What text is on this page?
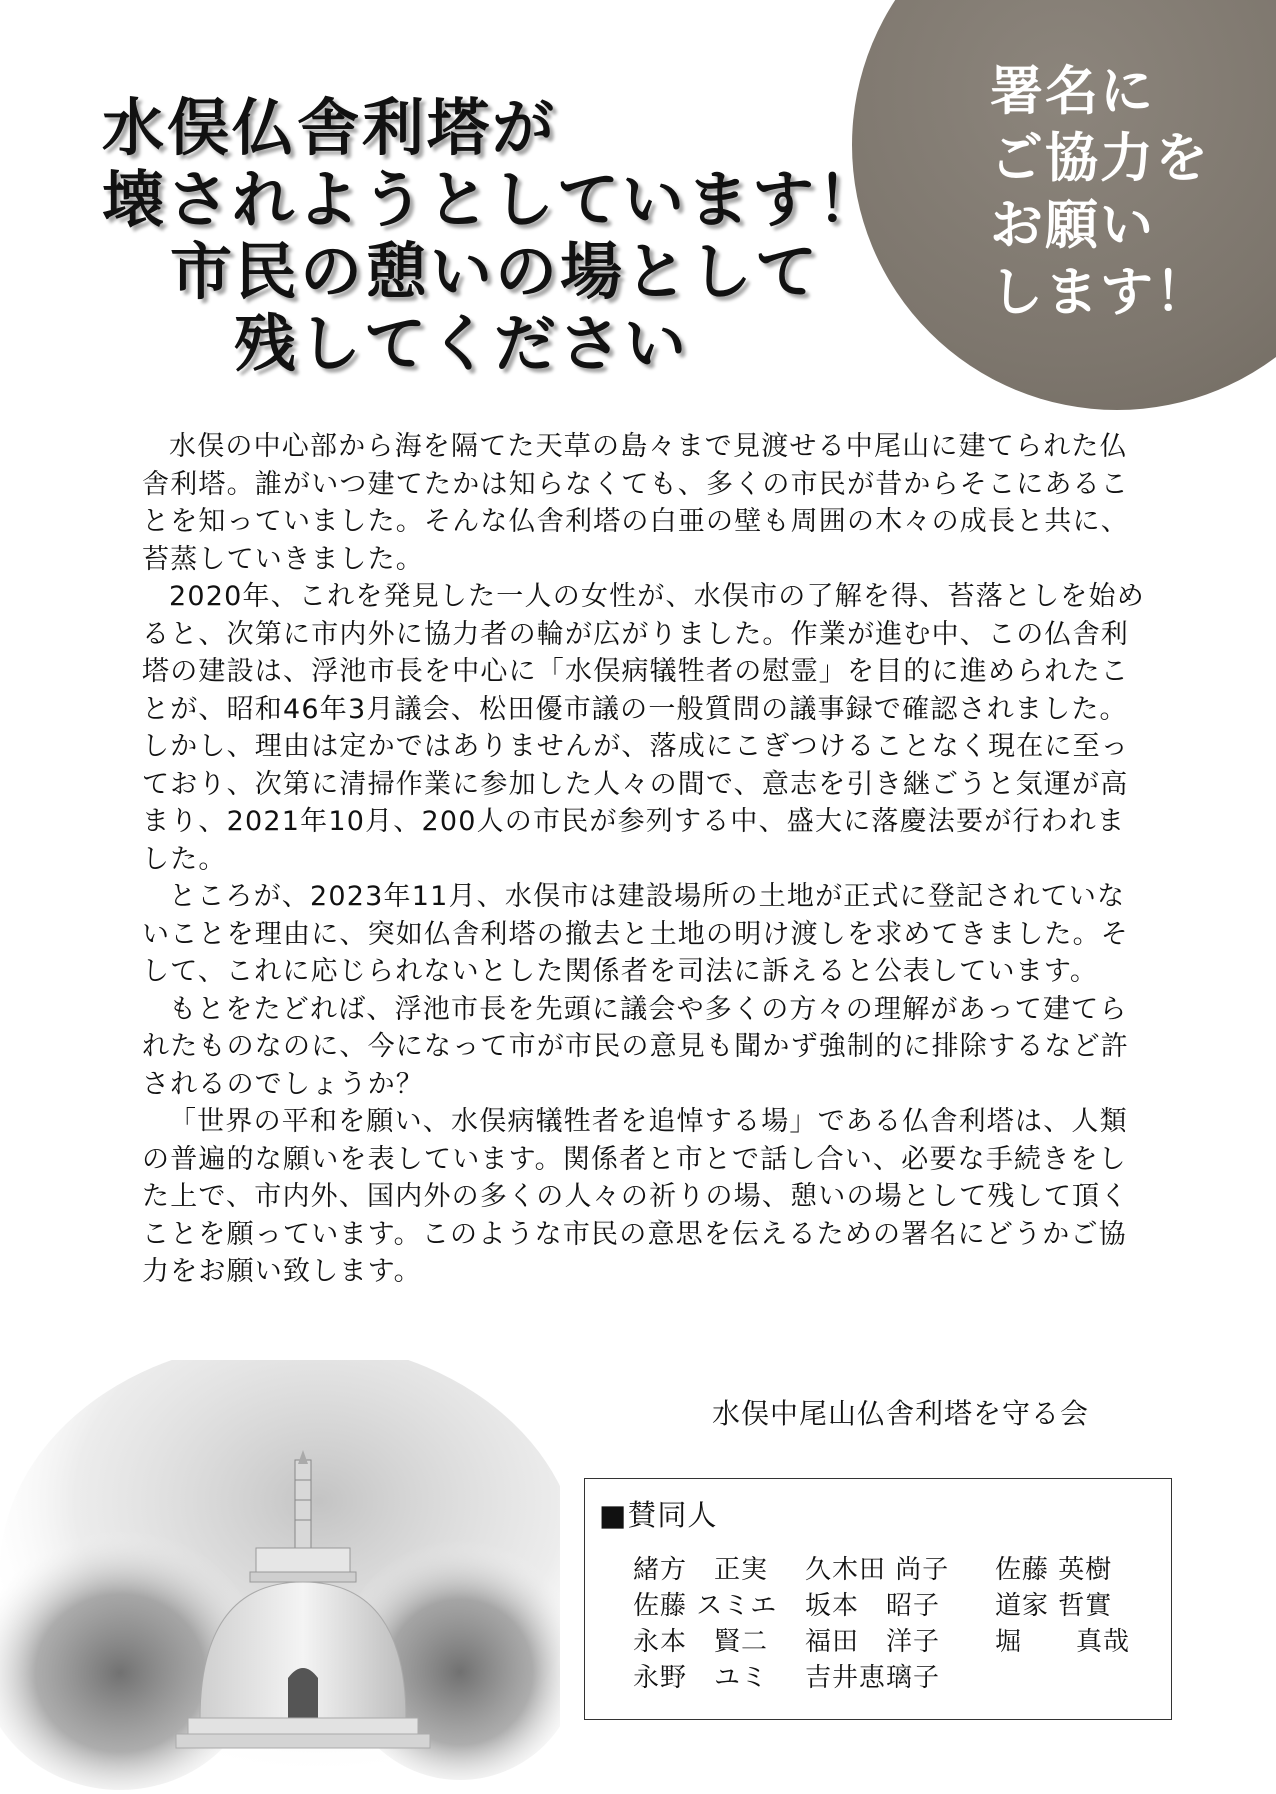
署名に
ご協力を
お願い
します！
水俣仏舎利塔が
壊されようとしています！
市民の憩いの場として
残してください

水俣の中心部から海を隔てた天草の島々まで見渡せる中尾山に建てられた仏舎利塔。誰がいつ建てたかは知らなくても、多くの市民が昔からそこにあることを知っていました。そんな仏舎利塔の白亜の壁も周囲の木々の成長と共に、苔蒸していきました。

2020年、これを発見した一人の女性が、水俣市の了解を得、苔落としを始めると、次第に市内外に協力者の輪が広がりました。作業が進む中、この仏舎利塔の建設は、浮池市長を中心に「水俣病犠牲者の慰霊」を目的に進められたことが、昭和46年3月議会、松田優市議の一般質問の議事録で確認されました。しかし、理由は定かではありませんが、落成にこぎつけることなく現在に至っており、次第に清掃作業に参加した人々の間で、意志を引き継ごうと気運が高まり、2021年10月、200人の市民が参列する中、盛大に落慶法要が行われました。

ところが、2023年11月、水俣市は建設場所の土地が正式に登記されていないことを理由に、突如仏舎利塔の撤去と土地の明け渡しを求めてきました。そして、これに応じられないとした関係者を司法に訴えると公表しています。

もとをたどれば、浮池市長を先頭に議会や多くの方々の理解があって建てられたものなのに、今になって市が市民の意見も聞かず強制的に排除するなど許されるのでしょうか？

「世界の平和を願い、水俣病犠牲者を追悼する場」である仏舎利塔は、人類の普遍的な願いを表しています。関係者と市とで話し合い、必要な手続きをした上で、市内外、国内外の多くの人々の祈りの場、憩いの場として残して頂くことを願っています。このような市民の意思を伝えるための署名にどうかご協力をお願い致します。

水俣中尾山仏舎利塔を守る会
■賛同人
緒方　正実 久木田 尚子 佐藤 英樹
佐藤 スミエ 坂本　昭子 道家 哲實
永本　賢二 福田　洋子 堀　　真哉
永野　ユミ 吉井恵璃子
